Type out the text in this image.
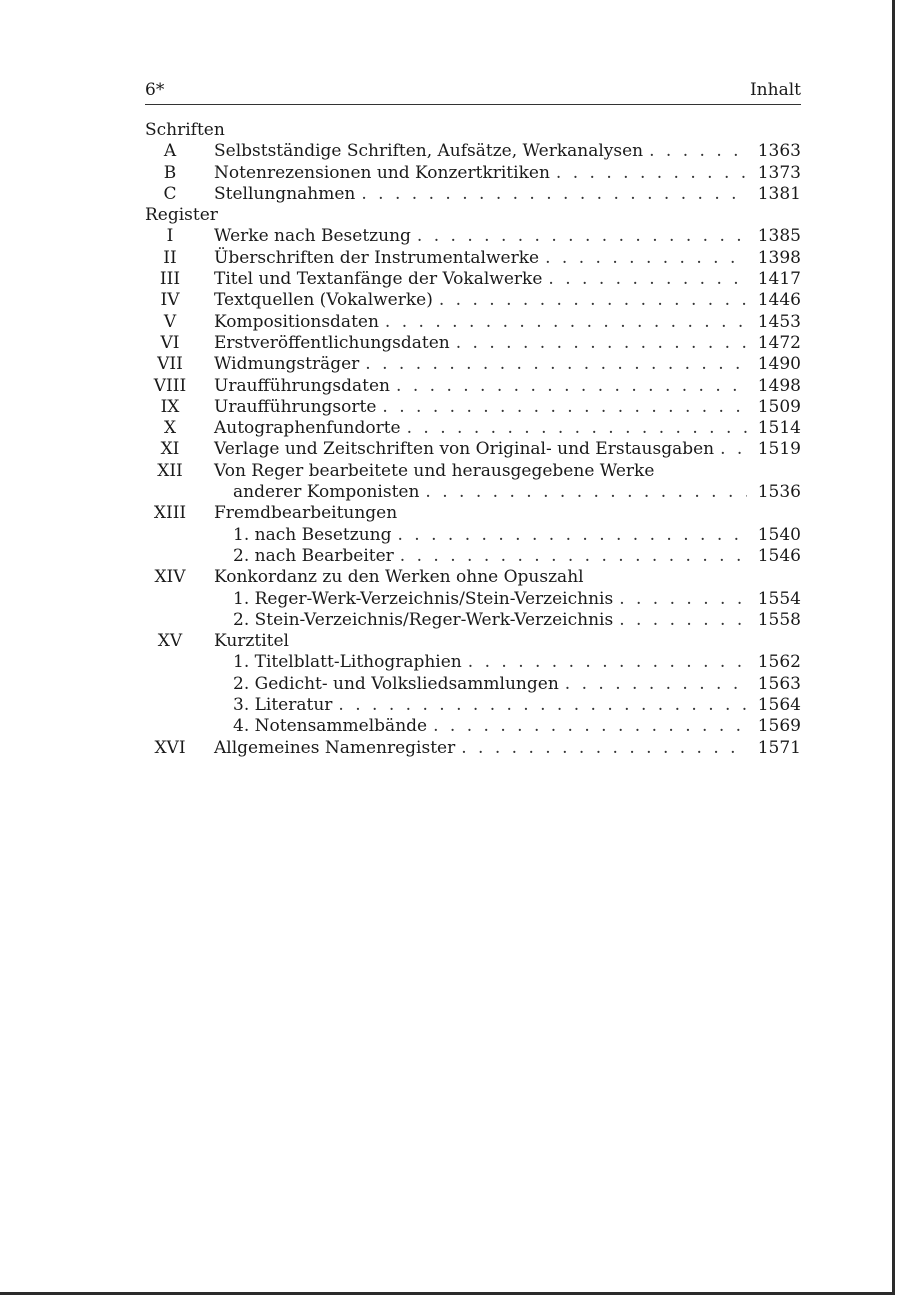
6*	Inhalt
Schriften
A	Selbstständige Schriften, Aufsätze, Werkanalysen . . .	1363
B	Notenrezensionen und Konzertkritiken . . .	1373
C	Stellungnahmen . . .	1381
Register
I	Werke nach Besetzung . . .	1385
II	Überschriften der Instrumentalwerke . . .	1398
III	Titel und Textanfänge der Vokalwerke . . .	1417
IV	Textquellen (Vokalwerke) . . .	1446
V	Kompositionsdaten . . .	1453
VI	Erstveröffentlichungsdaten . . .	1472
VII	Widmungsträger . . .	1490
VIII	Uraufführungsdaten . . .	1498
IX	Uraufführungsorte . . .	1509
X	Autographenfundorte . . .	1514
XI	Verlage und Zeitschriften von Original- und Erstausgaben . . .	1519
XII	Von Reger bearbeitete und herausgegebene Werke
anderer Komponisten . . .	1536
XIII	Fremdbearbeitungen
1. nach Besetzung . . .	1540
2. nach Bearbeiter . . .	1546
XIV	Konkordanz zu den Werken ohne Opuszahl
1. Reger-Werk-Verzeichnis/Stein-Verzeichnis . . .	1554
2. Stein-Verzeichnis/Reger-Werk-Verzeichnis . . .	1558
XV	Kurztitel
1. Titelblatt-Lithographien . . .	1562
2. Gedicht- und Volksliedsammlungen . . .	1563
3. Literatur . . .	1564
4. Notensammelbände . . .	1569
XVI	Allgemeines Namenregister . . .	1571
